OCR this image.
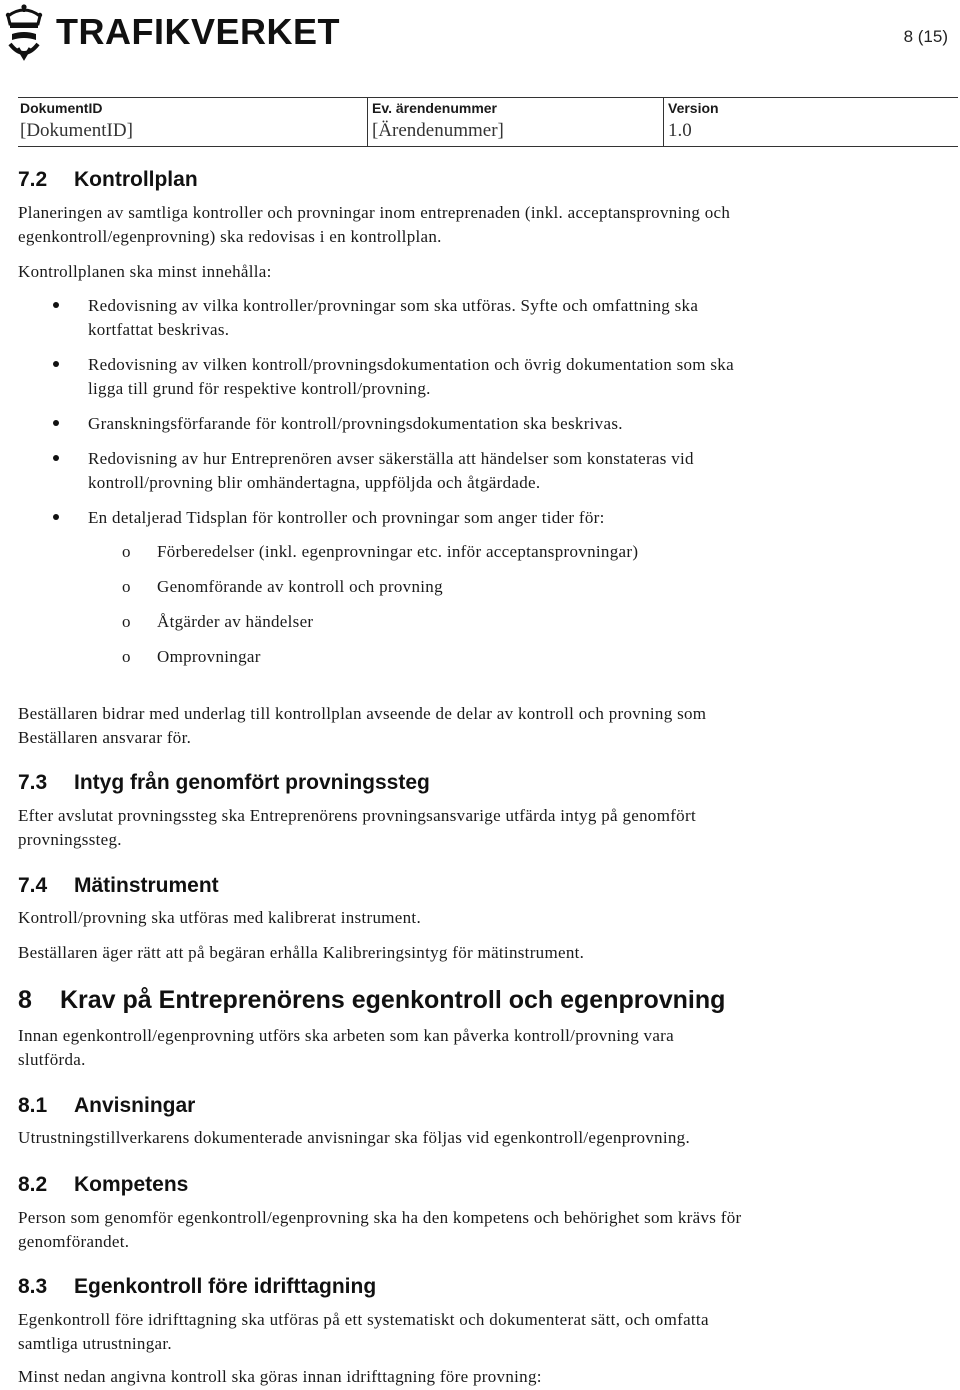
TRAFIKVERKET	8 (15)
DokumentID
[DokumentID]
Ev. ärendenummer
[Ärendenummer]
Version
1.0
7.2 Kontrollplan
Planeringen av samtliga kontroller och provningar inom entreprenaden (inkl. acceptansprovning och
egenkontroll/egenprovning) ska redovisas i en kontrollplan.
Kontrollplanen ska minst innehålla:
Redovisning av vilka kontroller/provningar som ska utföras. Syfte och omfattning ska
kortfattat beskrivas.
Redovisning av vilken kontroll/provningsdokumentation och övrig dokumentation som ska
ligga till grund för respektive kontroll/provning.
Granskningsförfarande för kontroll/provningsdokumentation ska beskrivas.
Redovisning av hur Entreprenören avser säkerställa att händelser som konstateras vid
kontroll/provning blir omhändertagna, uppföljda och åtgärdade.
En detaljerad Tidsplan för kontroller och provningar som anger tider för:
o Förberedelser (inkl. egenprovningar etc. inför acceptansprovningar)
o Genomförande av kontroll och provning
o Åtgärder av händelser
o Omprovningar
Beställaren bidrar med underlag till kontrollplan avseende de delar av kontroll och provning som
Beställaren ansvarar för.
7.3 Intyg från genomfört provningssteg
Efter avslutat provningssteg ska Entreprenörens provningsansvarige utfärda intyg på genomfört
provningssteg.
7.4 Mätinstrument
Kontroll/provning ska utföras med kalibrerat instrument.
Beställaren äger rätt att på begäran erhålla Kalibreringsintyg för mätinstrument.
8 Krav på Entreprenörens egenkontroll och egenprovning
Innan egenkontroll/egenprovning utförs ska arbeten som kan påverka kontroll/provning vara
slutförda.
8.1 Anvisningar
Utrustningstillverkarens dokumenterade anvisningar ska följas vid egenkontroll/egenprovning.
8.2 Kompetens
Person som genomför egenkontroll/egenprovning ska ha den kompetens och behörighet som krävs för
genomförandet.
8.3 Egenkontroll före idrifttagning
Egenkontroll före idrifttagning ska utföras på ett systematiskt och dokumenterat sätt, och omfatta
samtliga utrustningar.
Minst nedan angivna kontroll ska göras innan idrifttagning före provning:
